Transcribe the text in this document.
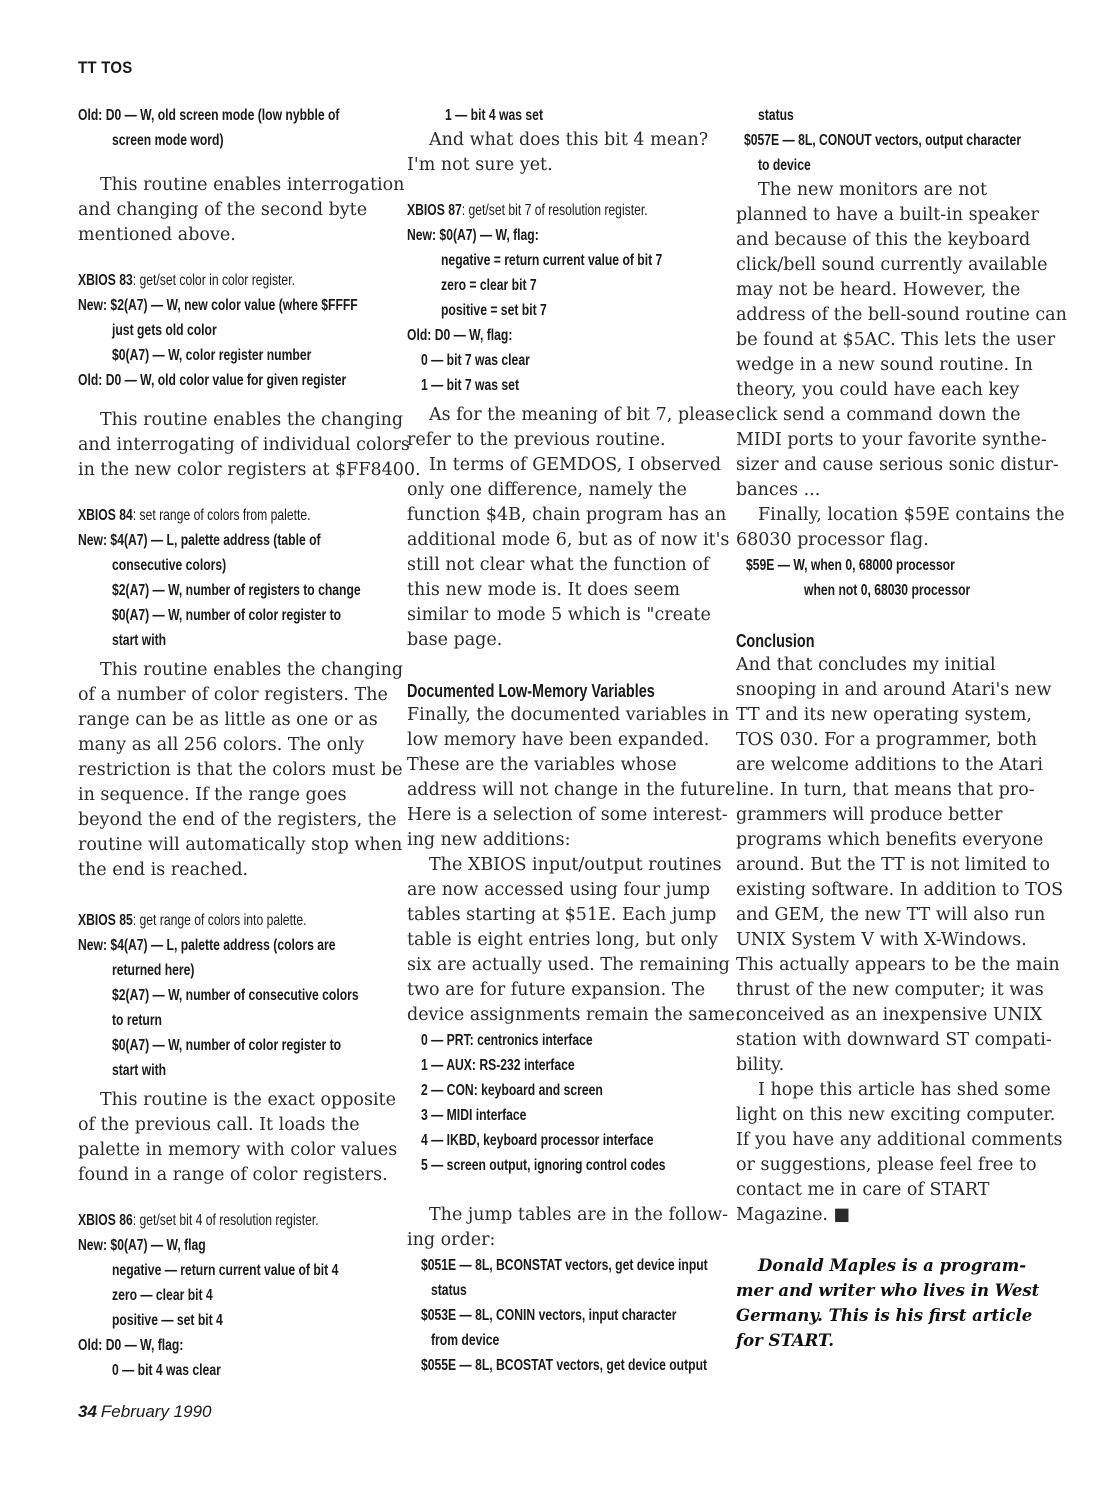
TT TOS
Old: D0 — W, old screen mode (low nybble of
screen mode word)
This routine enables interrogation
and changing of the second byte
mentioned above.
XBIOS 83: get/set color in color register.
New: $2(A7) — W, new color value (where $FFFF
just gets old color
$0(A7) — W, color register number
Old: D0 — W, old color value for given register
This routine enables the changing
and interrogating of individual colors
in the new color registers at $FF8400.
XBIOS 84: set range of colors from palette.
New: $4(A7) — L, palette address (table of
consecutive colors)
$2(A7) — W, number of registers to change
$0(A7) — W, number of color register to
start with
This routine enables the changing
of a number of color registers. The
range can be as little as one or as
many as all 256 colors. The only
restriction is that the colors must be
in sequence. If the range goes
beyond the end of the registers, the
routine will automatically stop when
the end is reached.
XBIOS 85: get range of colors into palette.
New: $4(A7) — L, palette address (colors are
returned here)
$2(A7) — W, number of consecutive colors
to return
$0(A7) — W, number of color register to
start with
This routine is the exact opposite
of the previous call. It loads the
palette in memory with color values
found in a range of color registers.
XBIOS 86: get/set bit 4 of resolution register.
New: $0(A7) — W, flag
negative — return current value of bit 4
zero — clear bit 4
positive — set bit 4
Old: D0 — W, flag:
0 — bit 4 was clear
1 — bit 4 was set
And what does this bit 4 mean?
I'm not sure yet.
XBIOS 87: get/set bit 7 of resolution register.
New: $0(A7) — W, flag:
negative = return current value of bit 7
zero = clear bit 7
positive = set bit 7
Old: D0 — W, flag:
0 — bit 7 was clear
1 — bit 7 was set
As for the meaning of bit 7, please
refer to the previous routine.
In terms of GEMDOS, I observed
only one difference, namely the
function $4B, chain program has an
additional mode 6, but as of now it's
still not clear what the function of
this new mode is. It does seem
similar to mode 5 which is "create
base page.
Documented Low-Memory Variables
Finally, the documented variables in
low memory have been expanded.
These are the variables whose
address will not change in the future.
Here is a selection of some interest-
ing new additions:
The XBIOS input/output routines
are now accessed using four jump
tables starting at $51E. Each jump
table is eight entries long, but only
six are actually used. The remaining
two are for future expansion. The
device assignments remain the same:
0 — PRT: centronics interface
1 — AUX: RS-232 interface
2 — CON: keyboard and screen
3 — MIDI interface
4 — IKBD, keyboard processor interface
5 — screen output, ignoring control codes
The jump tables are in the follow-
ing order:
$051E — 8L, BCONSTAT vectors, get device input
status
$053E — 8L, CONIN vectors, input character
from device
$055E — 8L, BCOSTAT vectors, get device output
status
$057E — 8L, CONOUT vectors, output character
to device
The new monitors are not
planned to have a built-in speaker
and because of this the keyboard
click/bell sound currently available
may not be heard. However, the
address of the bell-sound routine can
be found at $5AC. This lets the user
wedge in a new sound routine. In
theory, you could have each key
click send a command down the
MIDI ports to your favorite synthe-
sizer and cause serious sonic distur-
bances ...
Finally, location $59E contains the
68030 processor flag.
$59E — W, when 0, 68000 processor
when not 0, 68030 processor
Conclusion
And that concludes my initial
snooping in and around Atari's new
TT and its new operating system,
TOS 030. For a programmer, both
are welcome additions to the Atari
line. In turn, that means that pro-
grammers will produce better
programs which benefits everyone
around. But the TT is not limited to
existing software. In addition to TOS
and GEM, the new TT will also run
UNIX System V with X-Windows.
This actually appears to be the main
thrust of the new computer; it was
conceived as an inexpensive UNIX
station with downward ST compati-
bility.
I hope this article has shed some
light on this new exciting computer.
If you have any additional comments
or suggestions, please feel free to
contact me in care of START
Magazine. ■
Donald Maples is a program-
mer and writer who lives in West
Germany. This is his first article
for START.
34 February 1990
